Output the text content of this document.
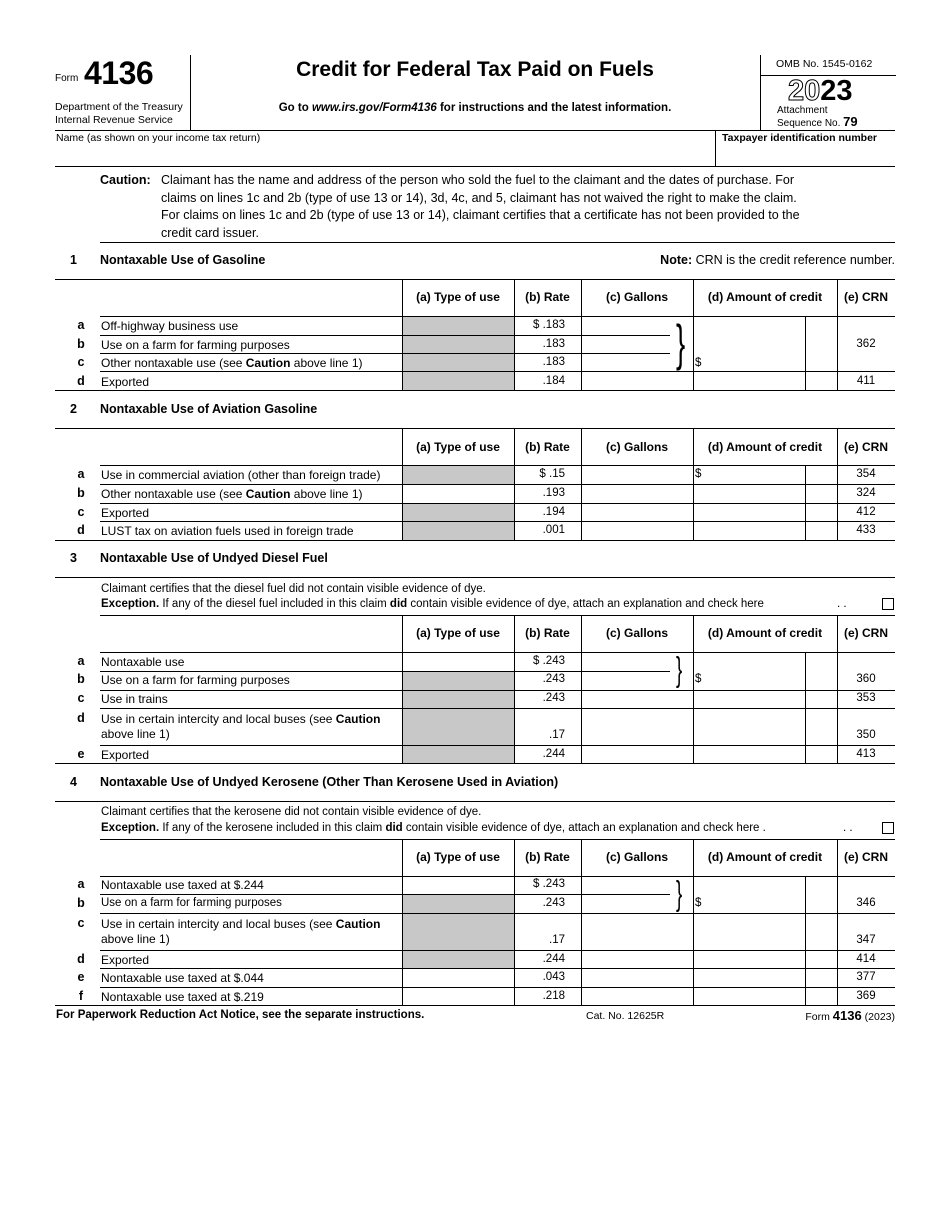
Form 4136
Department of the Treasury
Internal Revenue Service
Credit for Federal Tax Paid on Fuels
Go to www.irs.gov/Form4136 for instructions and the latest information.
OMB No. 1545-0162
2023
Attachment
Sequence No. 79
Name (as shown on your income tax return)	Taxpayer identification number
Caution: Claimant has the name and address of the person who sold the fuel to the claimant and the dates of purchase. For
claims on lines 1c and 2b (type of use 13 or 14), 3d, 4c, and 5, claimant has not waived the right to make the claim.
For claims on lines 1c and 2b (type of use 13 or 14), claimant certifies that a certificate has not been provided to the
credit card issuer.
1 Nontaxable Use of Gasoline	Note: CRN is the credit reference number.
(a) Type of use	(b) Rate	(c) Gallons	(d) Amount of credit	(e) CRN
}
a	Off-highway business use	$ .183
b	Use on a farm for farming purposes	.183	362
c	Other nontaxable use (see Caution above line 1)	.183	$
d	Exported	.184	411
2 Nontaxable Use of Aviation Gasoline
(a) Type of use	(b) Rate	(c) Gallons	(d) Amount of credit	(e) CRN
a	Use in commercial aviation (other than foreign trade)	$ .15	$	354
b	Other nontaxable use (see Caution above line 1)	.193	324
c	Exported	.194	412
d	LUST tax on aviation fuels used in foreign trade	.001	433
3 Nontaxable Use of Undyed Diesel Fuel
Claimant certifies that the diesel fuel did not contain visible evidence of dye.
Exception. If any of the diesel fuel included in this claim did contain visible evidence of dye, attach an explanation and check here	. .
(a) Type of use	(b) Rate	(c) Gallons	(d) Amount of credit	(e) CRN
}
a	Nontaxable use	$ .243
b	Use on a farm for farming purposes	.243	$	360
c	Use in trains	.243	353
d	Use in certain intercity and local buses (see Caution
above line 1)	.17	350
e	Exported	.244	413
4 Nontaxable Use of Undyed Kerosene (Other Than Kerosene Used in Aviation)
Claimant certifies that the kerosene did not contain visible evidence of dye.
Exception. If any of the kerosene included in this claim did contain visible evidence of dye, attach an explanation and check here .	. .
(a) Type of use	(b) Rate	(c) Gallons	(d) Amount of credit	(e) CRN
}
a	Nontaxable use taxed at $.244	$ .243
b	Use on a farm for farming purposes	.243	$	346
c	Use in certain intercity and local buses (see Caution
above line 1)	.17	347
d	Exported	.244	414
e	Nontaxable use taxed at $.044	.043	377
f	Nontaxable use taxed at $.219	.218	369
For Paperwork Reduction Act Notice, see the separate instructions.	Cat. No. 12625R	Form 4136 (2023)
